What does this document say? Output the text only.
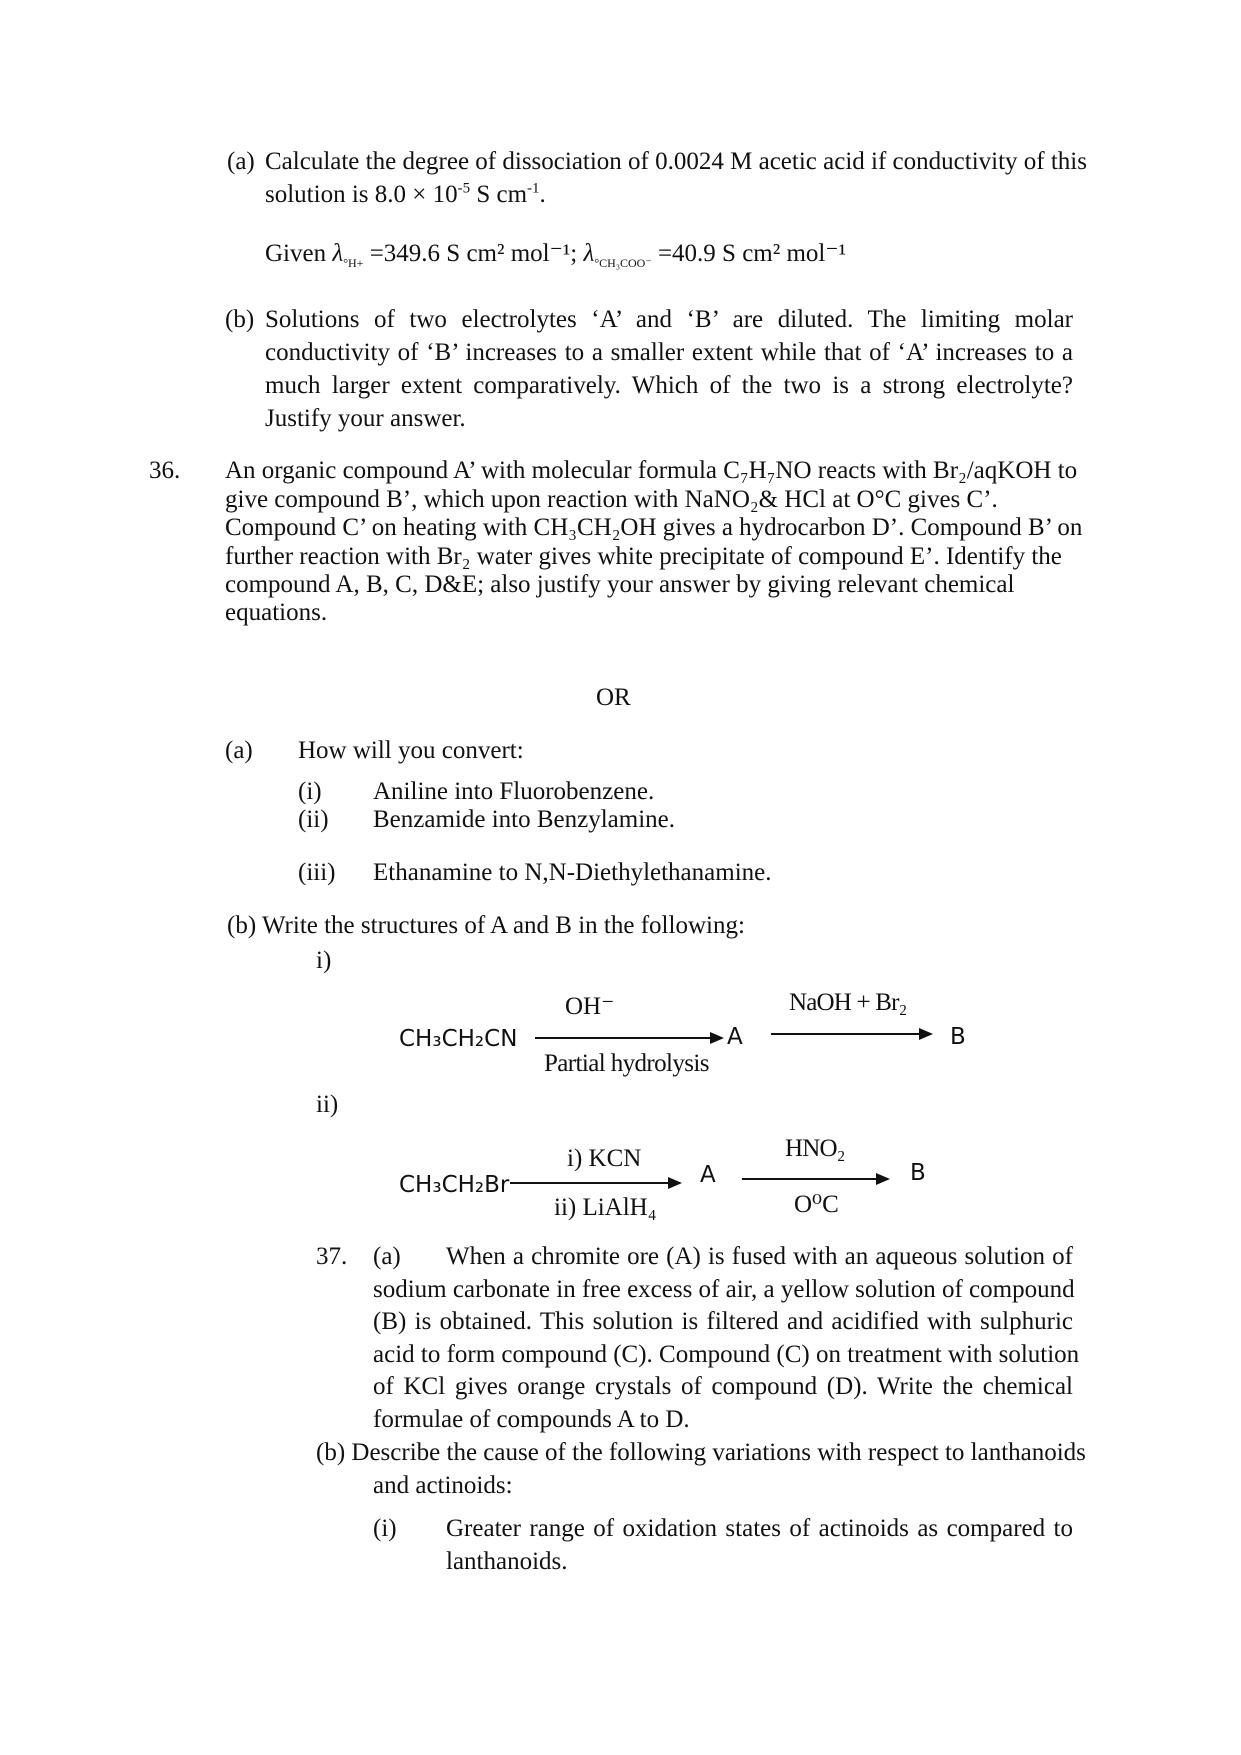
(a) Calculate the degree of dissociation of 0.0024 M acetic acid if conductivity of this
solution is $8.0 \times 10^{-5}$ S $cm^{-1}$.
Given $\lambda_{^\circ H+} =349.6$ S cm² mol⁻¹; $\lambda_{^\circ CH_3COO^-} =40.9$ S cm² mol⁻¹
(b) Solutions of two electrolytes ‘A’ and ‘B’ are diluted. The limiting molar
conductivity of ‘B’ increases to a smaller extent while that of ‘A’ increases to a
much larger extent comparatively. Which of the two is a strong electrolyte?
Justify your answer.
36. An organic compound A’ with molecular formula C₇H₇NO reacts with Br₂/aqKOH to
give compound B’, which upon reaction with NaNO₂& HCl at O°C gives C’.
Compound C’ on heating with CH₃CH₂OH gives a hydrocarbon D’. Compound B’ on
further reaction with Br₂ water gives white precipitate of compound E’. Identify the
compound A, B, C, D&E; also justify your answer by giving relevant chemical
equations.
OR
(a) How will you convert:
(i) Aniline into Fluorobenzene.
(ii) Benzamide into Benzylamine.
(iii) Ethanamine to N,N-Diethylethanamine.
(b) Write the structures of A and B in the following:
i)
CH₃CH₂CN
OH⁻
Partial hydrolysis
A
NaOH + Br₂
B
ii)
CH₃CH₂Br
i) KCN
ii) LiAlH₄
A
HNO₂
O⁰C
B
37. (a) When a chromite ore (A) is fused with an aqueous solution of
sodium carbonate in free excess of air, a yellow solution of compound
(B) is obtained. This solution is filtered and acidified with sulphuric
acid to form compound (C). Compound (C) on treatment with solution
of KCl gives orange crystals of compound (D). Write the chemical
formulae of compounds A to D.
(b) Describe the cause of the following variations with respect to lanthanoids
and actinoids:
(i) Greater range of oxidation states of actinoids as compared to
lanthanoids.
